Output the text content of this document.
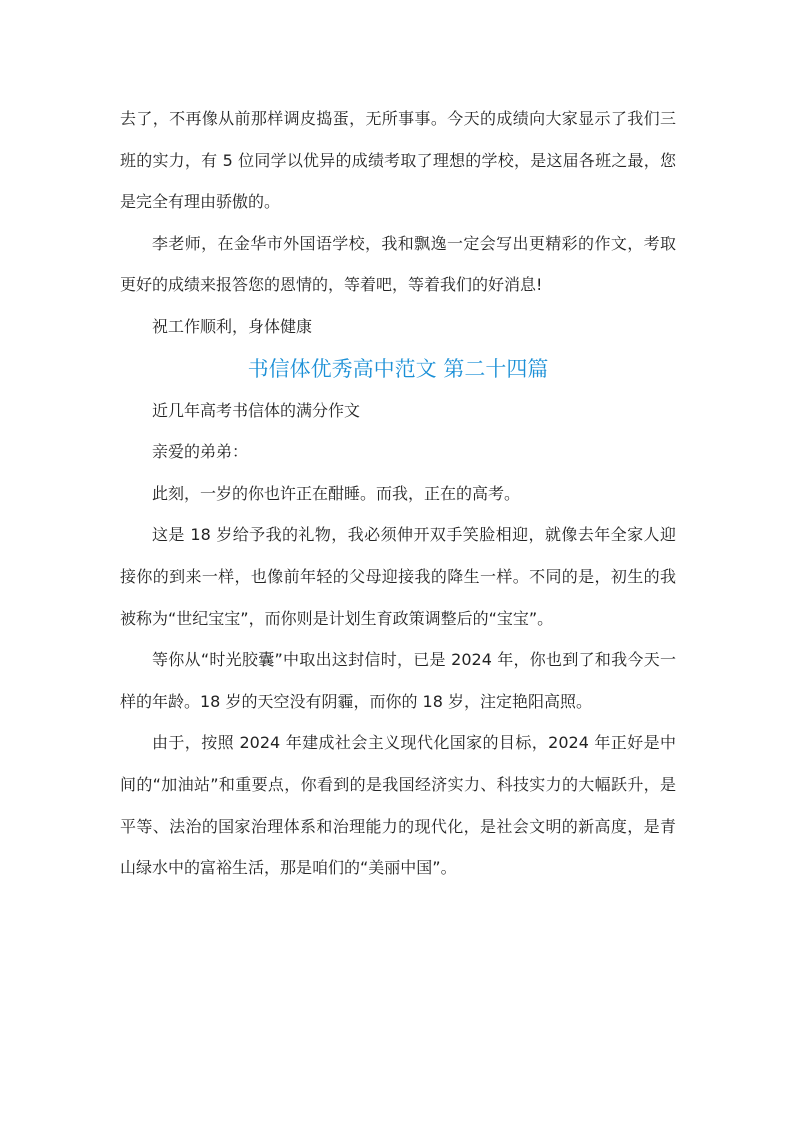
去了，不再像从前那样调皮捣蛋，无所事事。今天的成绩向大家显示了我们三班的实力，有 5 位同学以优异的成绩考取了理想的学校，是这届各班之最，您是完全有理由骄傲的。

李老师，在金华市外国语学校，我和飘逸一定会写出更精彩的作文，考取更好的成绩来报答您的恩情的，等着吧，等着我们的好消息!

祝工作顺利，身体健康

书信体优秀高中范文 第二十四篇

近几年高考书信体的满分作文

亲爱的弟弟：

此刻，一岁的你也许正在酣睡。而我，正在的高考。

这是 18 岁给予我的礼物，我必须伸开双手笑脸相迎，就像去年全家人迎接你的到来一样，也像前年轻的父母迎接我的降生一样。不同的是，初生的我被称为“世纪宝宝”，而你则是计划生育政策调整后的“宝宝”。

等你从“时光胶囊”中取出这封信时，已是 2024 年，你也到了和我今天一样的年龄。18 岁的天空没有阴霾，而你的 18 岁，注定艳阳高照。

由于，按照 2024 年建成社会主义现代化国家的目标，2024 年正好是中间的“加油站”和重要点，你看到的是我国经济实力、科技实力的大幅跃升，是平等、法治的国家治理体系和治理能力的现代化，是社会文明的新高度，是青山绿水中的富裕生活，那是咱们的“美丽中国”。
